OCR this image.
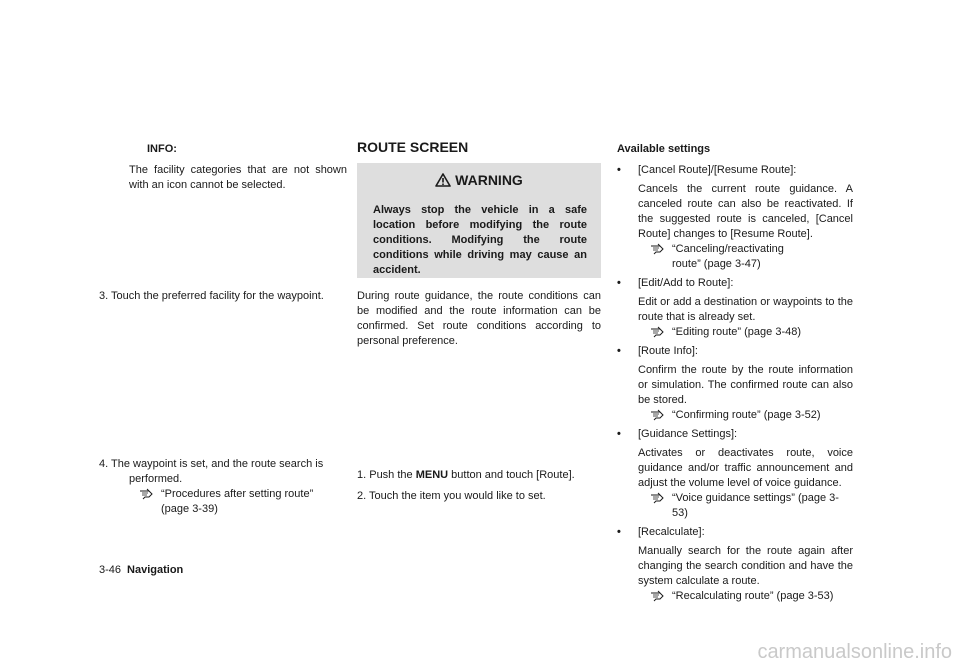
INFO:
The facility categories that are not shown with an icon cannot be selected.
3. Touch the preferred facility for the waypoint.
4. The waypoint is set, and the route search is performed.
“Procedures after setting route” (page 3-39)
ROUTE SCREEN
WARNING
Always stop the vehicle in a safe location before modifying the route conditions. Modifying the route conditions while driving may cause an accident.
During route guidance, the route conditions can be modified and the route information can be confirmed. Set route conditions according to personal preference.
1. Push the MENU button and touch [Route].
2. Touch the item you would like to set.
Available settings
• [Cancel Route]/[Resume Route]:
Cancels the current route guidance. A canceled route can also be reactivated. If the suggested route is canceled, [Cancel Route] changes to [Resume Route].
“Canceling/reactivating route” (page 3-47)
• [Edit/Add to Route]:
Edit or add a destination or waypoints to the route that is already set.
“Editing route” (page 3-48)
• [Route Info]:
Confirm the route by the route information or simulation. The confirmed route can also be stored.
“Confirming route” (page 3-52)
• [Guidance Settings]:
Activates or deactivates route, voice guidance and/or traffic announcement and adjust the volume level of voice guidance.
“Voice guidance settings” (page 3-53)
• [Recalculate]:
Manually search for the route again after changing the search condition and have the system calculate a route.
“Recalculating route” (page 3-53)
3-46 Navigation
carmanualsonline.info
